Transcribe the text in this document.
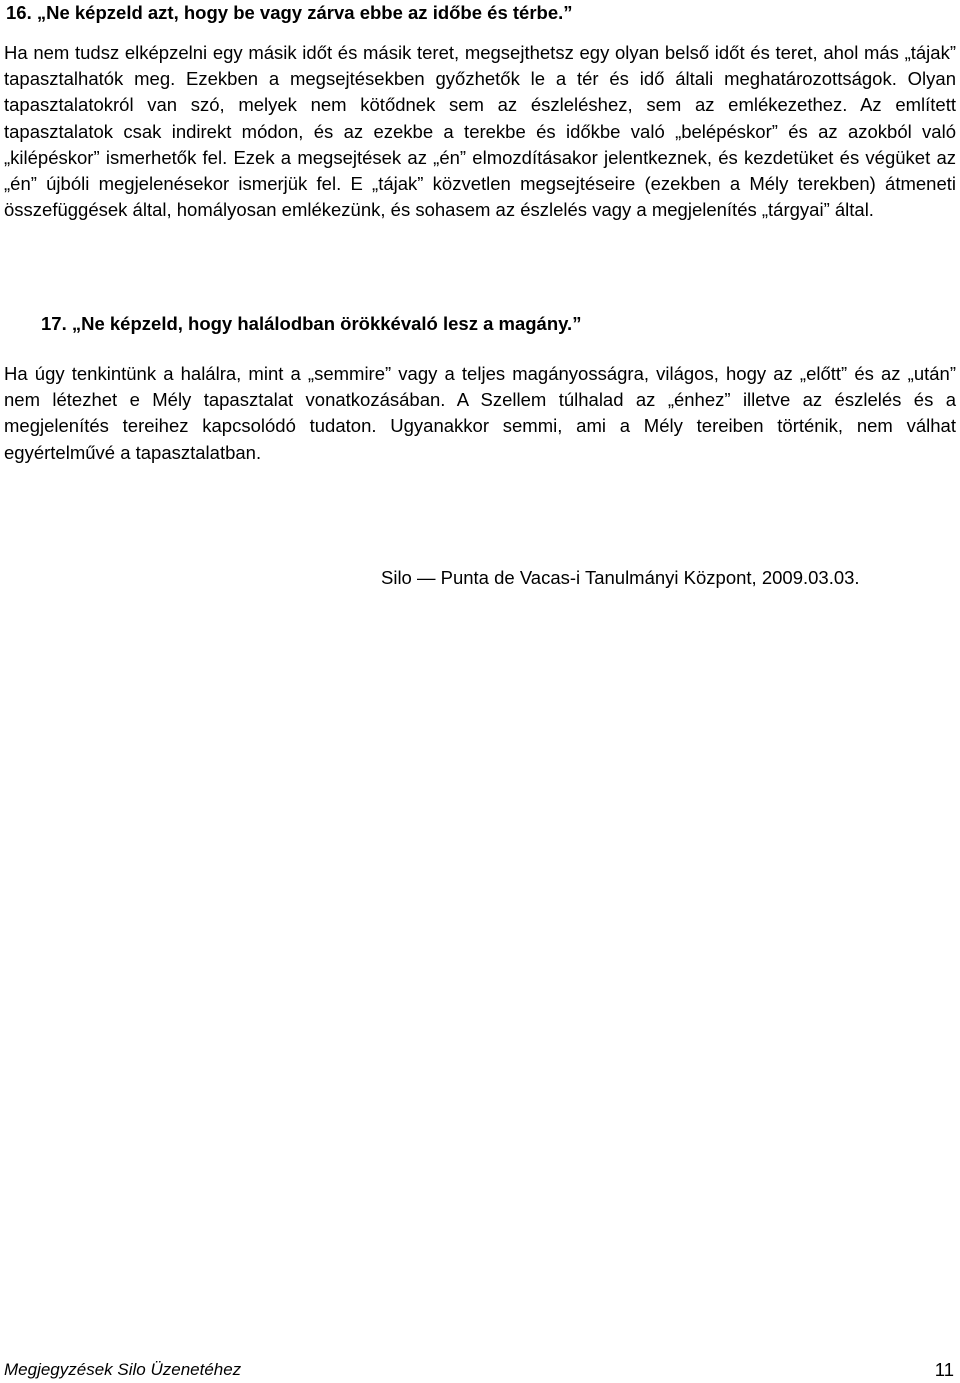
16. „Ne képzeld azt, hogy be vagy zárva ebbe az időbe és térbe.”

Ha nem tudsz elképzelni egy másik időt és másik teret, megsejthetsz egy olyan belső időt és teret, ahol más „tájak” tapasztalhatók meg. Ezekben a megsejtésekben győzhetők le a tér és idő általi meghatározottságok. Olyan tapasztalatokról van szó, melyek nem kötődnek sem az észleléshez, sem az emlékezethez. Az említett tapasztalatok csak indirekt módon, és az ezekbe a terekbe és időkbe való „belépéskor” és az azokból való „kilépéskor” ismerhetők fel. Ezek a megsejtések az „én” elmozdításakor jelentkeznek, és kezdetüket és végüket az „én” újbóli megjelenésekor ismerjük fel. E „tájak” közvetlen megsejtéseire (ezekben a Mély terekben) átmeneti összefüggések által, homályosan emlékezünk, és sohasem az észlelés vagy a megjelenítés „tárgyai” által.

17. „Ne képzeld, hogy halálodban örökkévaló lesz a magány.”

Ha úgy tenkintünk a halálra, mint a „semmire” vagy a teljes magányosságra, világos, hogy az „előtt” és az „után” nem létezhet e Mély tapasztalat vonatkozásában. A Szellem túlhalad az „énhez” illetve az észlelés és a megjelenítés tereihez kapcsolódó tudaton. Ugyanakkor semmi, ami a Mély tereiben történik, nem válhat egyértelművé a tapasztalatban.

Silo — Punta de Vacas-i Tanulmányi Központ, 2009.03.03.

Megjegyzések Silo Üzenetéhez	11
